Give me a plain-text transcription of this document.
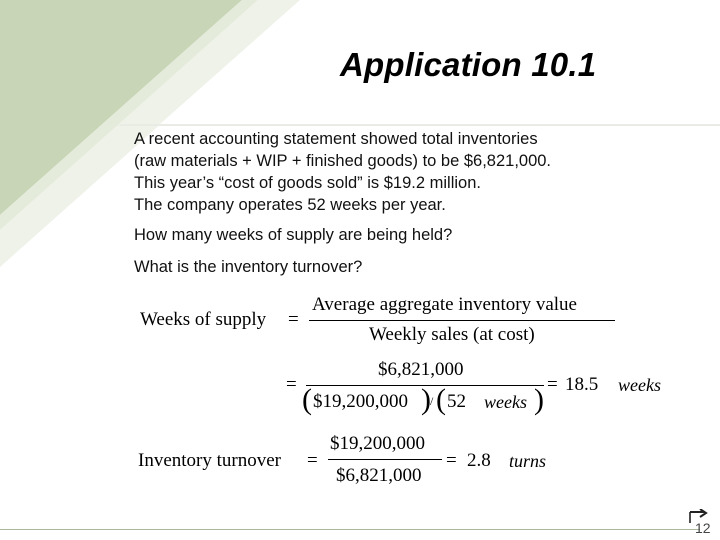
Application 10.1
A recent accounting statement showed total inventories
(raw materials + WIP + finished goods) to be $6,821,000.
This year’s “cost of goods sold” is $19.2 million.
The company operates 52 weeks per year.
How many weeks of supply are being held?
What is the inventory turnover?
Weeks of supply =
Average aggregate inventory value
Weekly sales (at cost)
=
$6,821,000
( $19,200,000 ) / ( 52 weeks ) = 18.5 weeks
Inventory turnover =
$19,200,000
$6,821,000
= 2.8 turns
12
